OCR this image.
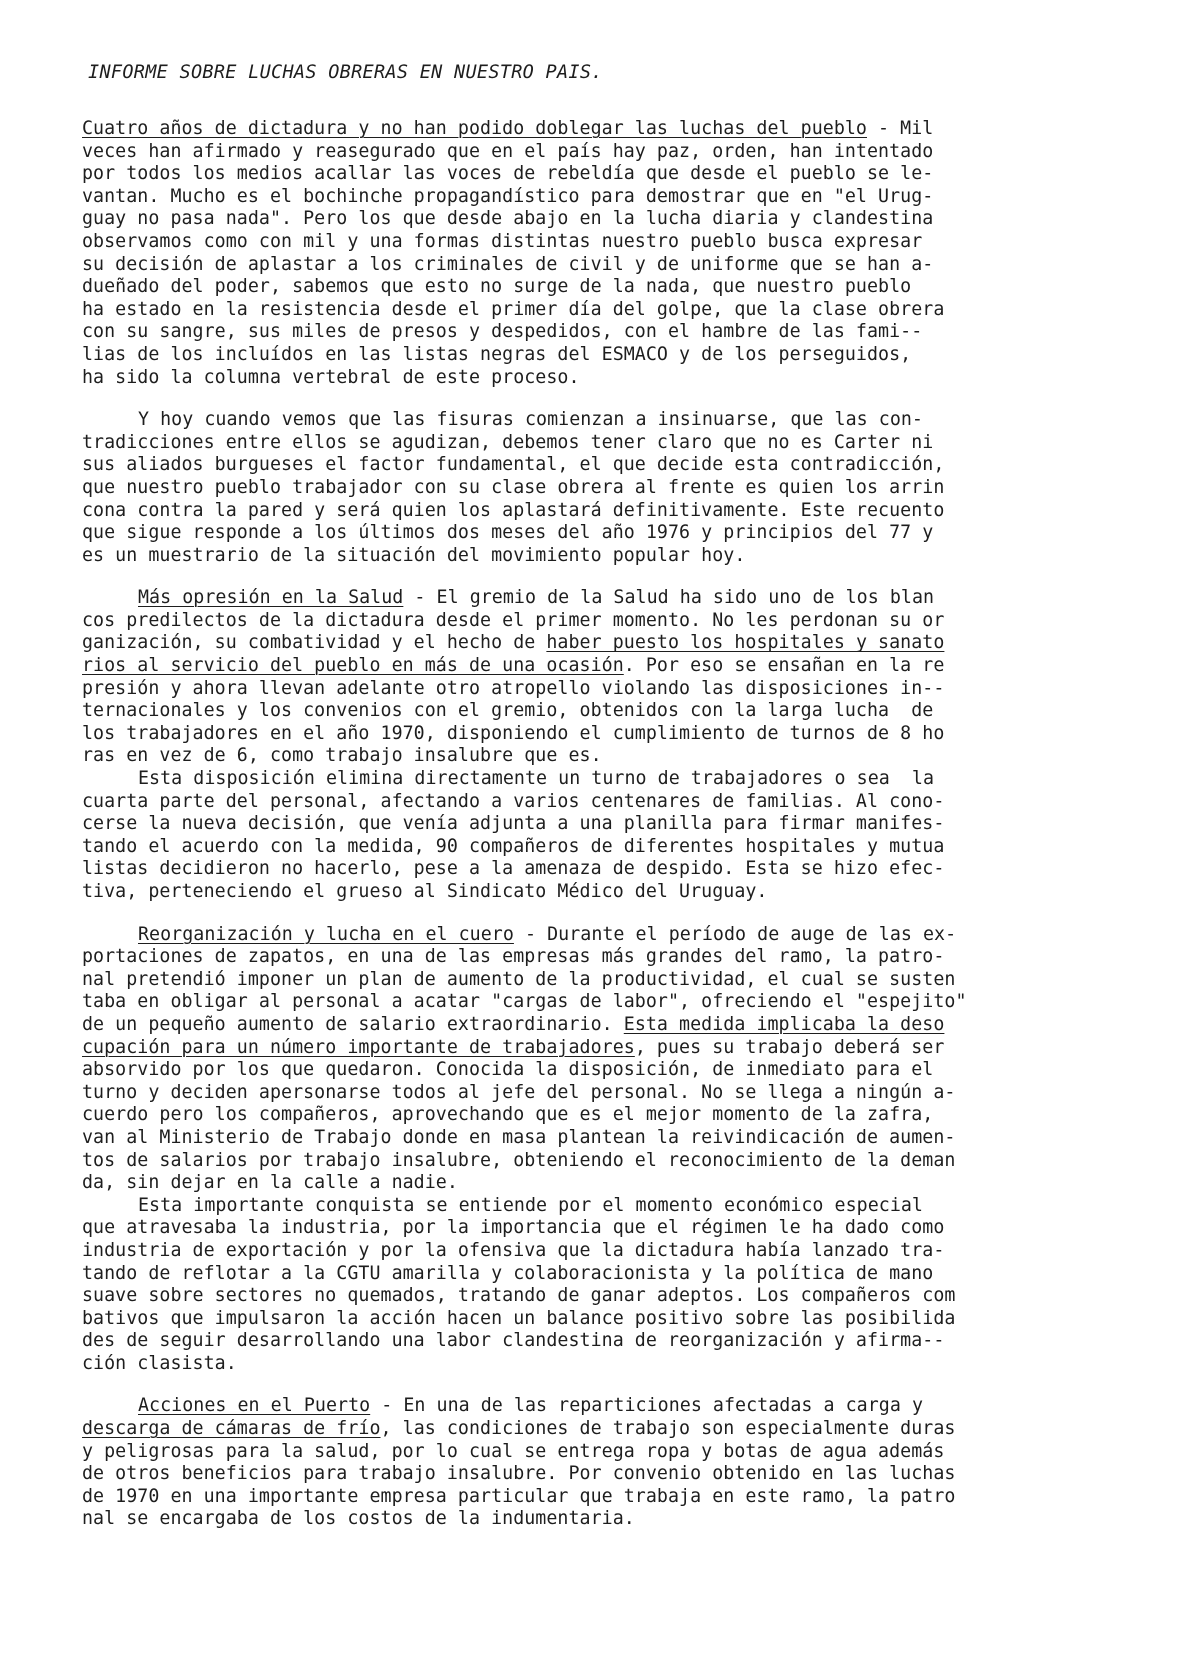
INFORME SOBRE LUCHAS OBRERAS EN NUESTRO PAIS.
Cuatro años de dictadura y no han podido doblegar las luchas del pueblo - Mil
veces han afirmado y reasegurado que en el país hay paz, orden, han intentado
por todos los medios acallar las voces de rebeldía que desde el pueblo se le-
vantan. Mucho es el bochinche propagandístico para demostrar que en "el Urug-
guay no pasa nada". Pero los que desde abajo en la lucha diaria y clandestina
observamos como con mil y una formas distintas nuestro pueblo busca expresar
su decisión de aplastar a los criminales de civil y de uniforme que se han a-
dueñado del poder, sabemos que esto no surge de la nada, que nuestro pueblo
ha estado en la resistencia desde el primer día del golpe, que la clase obrera
con su sangre, sus miles de presos y despedidos, con el hambre de las fami--
lias de los incluídos en las listas negras del ESMACO y de los perseguidos,
ha sido la columna vertebral de este proceso.
Y hoy cuando vemos que las fisuras comienzan a insinuarse, que las con-
tradicciones entre ellos se agudizan, debemos tener claro que no es Carter ni
sus aliados burgueses el factor fundamental, el que decide esta contradicción,
que nuestro pueblo trabajador con su clase obrera al frente es quien los arrin
cona contra la pared y será quien los aplastará definitivamente. Este recuento
que sigue responde a los últimos dos meses del año 1976 y principios del 77 y
es un muestrario de la situación del movimiento popular hoy.
Más opresión en la Salud - El gremio de la Salud ha sido uno de los blan
cos predilectos de la dictadura desde el primer momento. No les perdonan su or
ganización, su combatividad y el hecho de haber puesto los hospitales y sanato
rios al servicio del pueblo en más de una ocasión. Por eso se ensañan en la re
presión y ahora llevan adelante otro atropello violando las disposiciones in--
ternacionales y los convenios con el gremio, obtenidos con la larga lucha  de
los trabajadores en el año 1970, disponiendo el cumplimiento de turnos de 8 ho
ras en vez de 6, como trabajo insalubre que es.
Esta disposición elimina directamente un turno de trabajadores o sea  la
cuarta parte del personal, afectando a varios centenares de familias. Al cono-
cerse la nueva decisión, que venía adjunta a una planilla para firmar manifes-
tando el acuerdo con la medida, 90 compañeros de diferentes hospitales y mutua
listas decidieron no hacerlo, pese a la amenaza de despido. Esta se hizo efec-
tiva, perteneciendo el grueso al Sindicato Médico del Uruguay.
Reorganización y lucha en el cuero - Durante el período de auge de las ex-
portaciones de zapatos, en una de las empresas más grandes del ramo, la patro-
nal pretendió imponer un plan de aumento de la productividad, el cual se susten
taba en obligar al personal a acatar "cargas de labor", ofreciendo el "espejito"
de un pequeño aumento de salario extraordinario. Esta medida implicaba la deso
cupación para un número importante de trabajadores, pues su trabajo deberá ser
absorvido por los que quedaron. Conocida la disposición, de inmediato para el
turno y deciden apersonarse todos al jefe del personal. No se llega a ningún a-
cuerdo pero los compañeros, aprovechando que es el mejor momento de la zafra,
van al Ministerio de Trabajo donde en masa plantean la reivindicación de aumen-
tos de salarios por trabajo insalubre, obteniendo el reconocimiento de la deman
da, sin dejar en la calle a nadie.
Esta importante conquista se entiende por el momento económico especial
que atravesaba la industria, por la importancia que el régimen le ha dado como
industria de exportación y por la ofensiva que la dictadura había lanzado tra-
tando de reflotar a la CGTU amarilla y colaboracionista y la política de mano
suave sobre sectores no quemados, tratando de ganar adeptos. Los compañeros com
bativos que impulsaron la acción hacen un balance positivo sobre las posibilida
des de seguir desarrollando una labor clandestina de reorganización y afirma--
ción clasista.
Acciones en el Puerto - En una de las reparticiones afectadas a carga y
descarga de cámaras de frío, las condiciones de trabajo son especialmente duras
y peligrosas para la salud, por lo cual se entrega ropa y botas de agua además
de otros beneficios para trabajo insalubre. Por convenio obtenido en las luchas
de 1970 en una importante empresa particular que trabaja en este ramo, la patro
nal se encargaba de los costos de la indumentaria.
